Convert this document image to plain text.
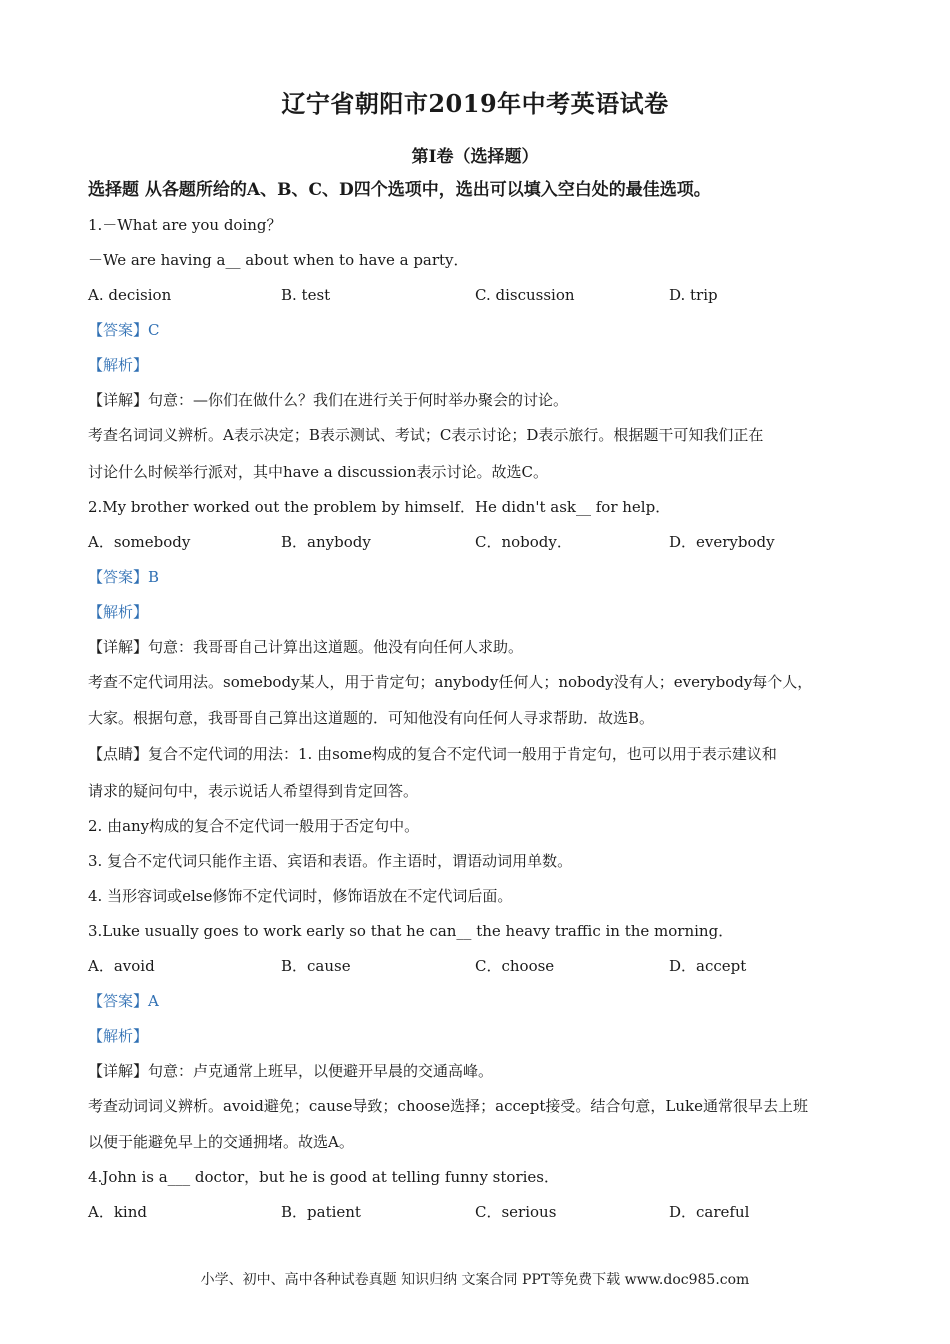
辽宁省朝阳市2019年中考英语试卷
第I卷（选择题）
选择题 从各题所给的A、B、C、D四个选项中，选出可以填入空白处的最佳选项。
1.－What are you doing？
－We are having a__ about when to have a party．
A. decision	B. test	C. discussion	D. trip
【答案】C
【解析】
【详解】句意：—你们在做什么？我们在进行关于何时举办聚会的讨论。
考查名词词义辨析。A表示决定；B表示测试、考试；C表示讨论；D表示旅行。根据题干可知我们正在
讨论什么时候举行派对，其中have a discussion表示讨论。故选C。
2.My brother worked out the problem by himself．He didn't ask__ for help．
A．somebody	B．anybody	C．nobody．	D．everybody
【答案】B
【解析】
【详解】句意：我哥哥自己计算出这道题。他没有向任何人求助。
考查不定代词用法。somebody某人，用于肯定句；anybody任何人；nobody没有人；everybody每个人，
大家。根据句意，我哥哥自己算出这道题的．可知他没有向任何人寻求帮助．故选B。
【点睛】复合不定代词的用法：1. 由some构成的复合不定代词一般用于肯定句，也可以用于表示建议和
请求的疑问句中，表示说话人希望得到肯定回答。
2. 由any构成的复合不定代词一般用于否定句中。
3. 复合不定代词只能作主语、宾语和表语。作主语时，谓语动词用单数。
4. 当形容词或else修饰不定代词时，修饰语放在不定代词后面。
3.Luke usually goes to work early so that he can__ the heavy traffic in the morning．
A．avoid	B．cause	C．choose	D．accept
【答案】A
【解析】
【详解】句意：卢克通常上班早，以便避开早晨的交通高峰。
考查动词词义辨析。avoid避免；cause导致；choose选择；accept接受。结合句意，Luke通常很早去上班
以便于能避免早上的交通拥堵。故选A。
4.John is a___ doctor，but he is good at telling funny stories．
A．kind	B．patient	C．serious	D．careful
小学、初中、高中各种试卷真题 知识归纳 文案合同 PPT等免费下载 www.doc985.com
